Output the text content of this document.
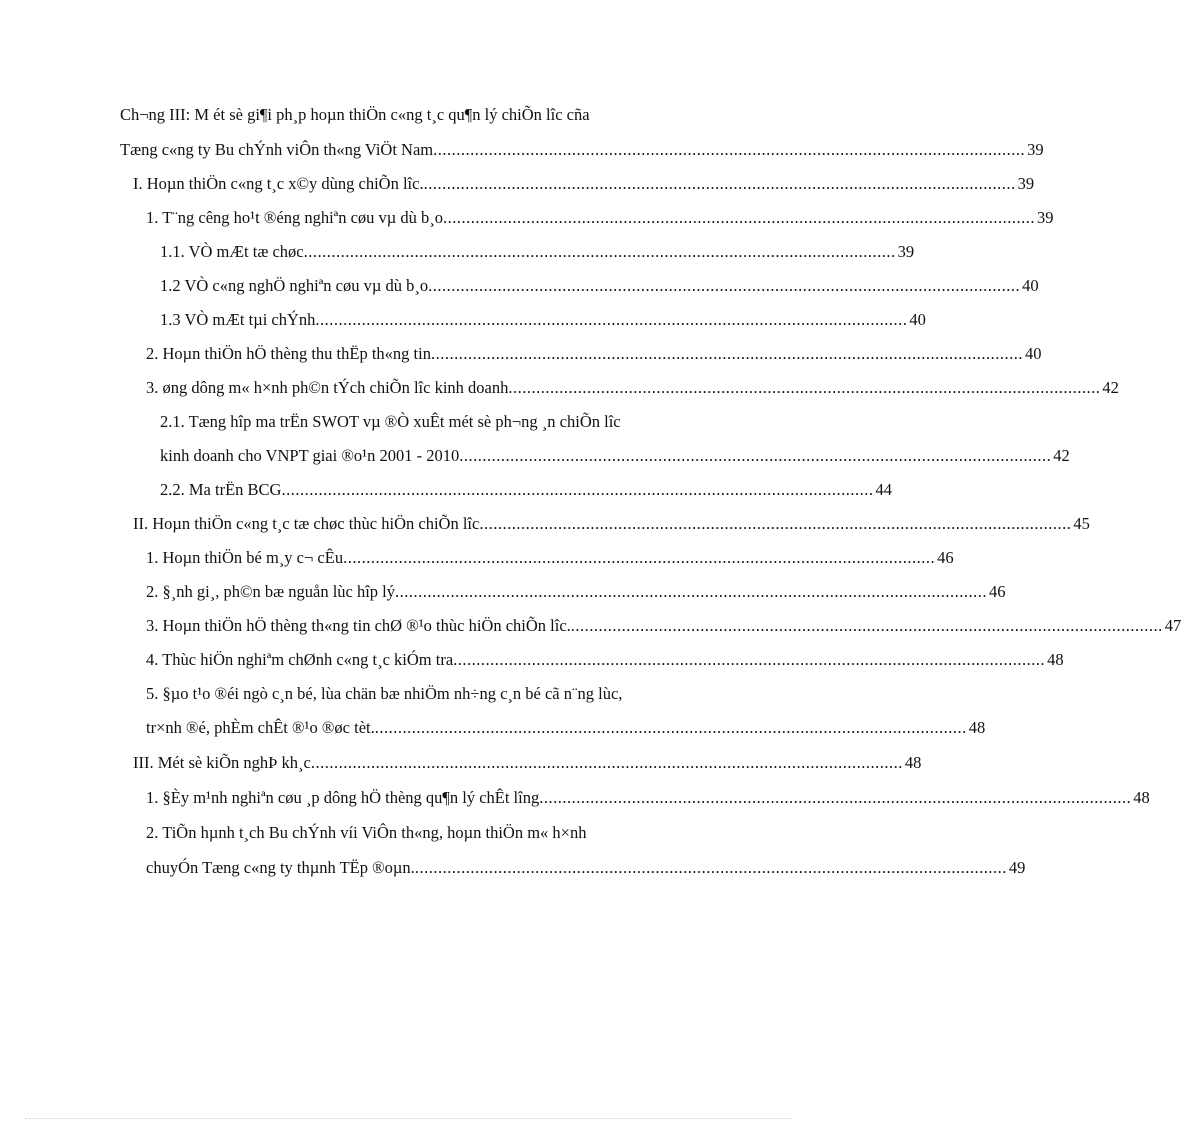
Ch¬ng III: M ét sè gi¶i ph¸p hoµn thiÖn c«ng t¸c qu¶n lý chiÕn lîc cña
Tæng c«ng ty Bu chÝnh viÔn th«ng ViÖt Nam ................................................................................................................................ 39
I. Hoµn thiÖn c«ng t¸c x©y dùng chiÕn lîc. ................................................................................................................................ 39
1. T¨ng cêng ho¹t ®éng nghiªn cøu vµ dù b¸o ................................................................................................................................ 39
1.1. VÒ mÆt tæ chøc ................................................................................................................................ 39
1.2 VÒ c«ng nghÖ nghiªn cøu vµ dù b¸o ................................................................................................................................ 40
1.3 VÒ mÆt tµi chÝnh ................................................................................................................................ 40
2. Hoµn thiÖn hÖ thèng thu thËp th«ng tin ................................................................................................................................ 40
3. øng dông m« h×nh ph©n tÝch chiÕn lîc kinh doanh ................................................................................................................................ 42
2.1. Tæng hîp ma trËn SWOT vµ ®Ò xuÊt mét sè ph¬ng ¸n chiÕn lîc
kinh doanh cho VNPT giai ®o¹n 2001 - 2010 ................................................................................................................................ 42
2.2. Ma trËn BCG ................................................................................................................................ 44
II. Hoµn thiÖn c«ng t¸c tæ chøc thùc hiÖn chiÕn lîc ................................................................................................................................ 45
1. Hoµn thiÖn bé m¸y c¬ cÊu ................................................................................................................................ 46
2. §¸nh gi¸, ph©n bæ nguån lùc hîp lý ................................................................................................................................ 46
3. Hoµn thiÖn hÖ thèng th«ng tin chØ ®¹o thùc hiÖn chiÕn lîc. ................................................................................................................................ 47
4. Thùc hiÖn nghiªm chØnh c«ng t¸c kiÓm tra ................................................................................................................................ 48
5. §µo t¹o ®éi ngò c¸n bé, lùa chän bæ nhiÖm nh÷ng c¸n bé cã n¨ng lùc,
tr×nh ®é, phÈm chÊt ®¹o ®øc tèt. ................................................................................................................................ 48
III. Mét sè kiÕn nghÞ kh¸c ................................................................................................................................ 48
1. §Èy m¹nh nghiªn cøu ¸p dông hÖ thèng qu¶n lý chÊt lîng ................................................................................................................................ 48
2. TiÕn hµnh t¸ch Bu chÝnh víi ViÔn th«ng, hoµn thiÖn m« h×nh
chuyÓn Tæng c«ng ty thµnh TËp ®oµn. ................................................................................................................................ 49
